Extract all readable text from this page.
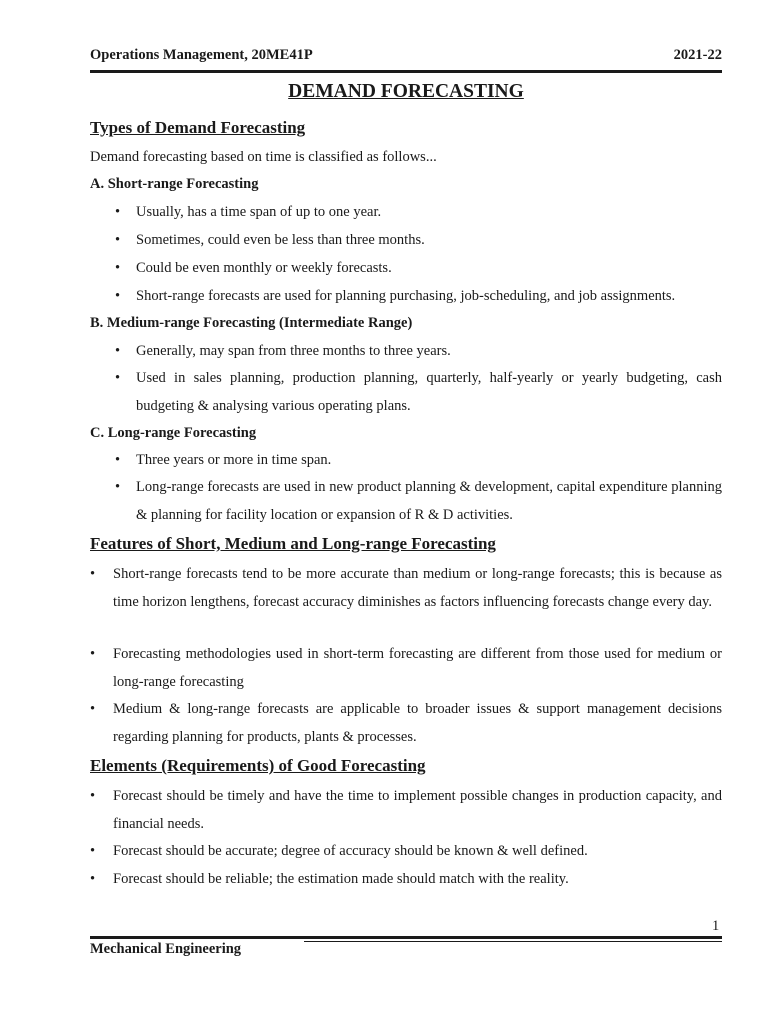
Operations Management, 20ME41P	2021-22
DEMAND FORECASTING
Types of Demand Forecasting
Demand forecasting based on time is classified as follows...
A. Short-range Forecasting
• Usually, has a time span of up to one year.
• Sometimes, could even be less than three months.
• Could be even monthly or weekly forecasts.
• Short-range forecasts are used for planning purchasing, job-scheduling, and job assignments.
B. Medium-range Forecasting (Intermediate Range)
• Generally, may span from three months to three years.
• Used in sales planning, production planning, quarterly, half-yearly or yearly budgeting, cash budgeting & analysing various operating plans.
C. Long-range Forecasting
• Three years or more in time span.
• Long-range forecasts are used in new product planning & development, capital expenditure planning & planning for facility location or expansion of R & D activities.
Features of Short, Medium and Long-range Forecasting
• Short-range forecasts tend to be more accurate than medium or long-range forecasts; this is because as time horizon lengthens, forecast accuracy diminishes as factors influencing forecasts change every day.
• Forecasting methodologies used in short-term forecasting are different from those used for medium or long-range forecasting
• Medium & long-range forecasts are applicable to broader issues & support management decisions regarding planning for products, plants & processes.
Elements (Requirements) of Good Forecasting
• Forecast should be timely and have the time to implement possible changes in production capacity, and financial needs.
• Forecast should be accurate; degree of accuracy should be known & well defined.
• Forecast should be reliable; the estimation made should match with the reality.
1
Mechanical Engineering
